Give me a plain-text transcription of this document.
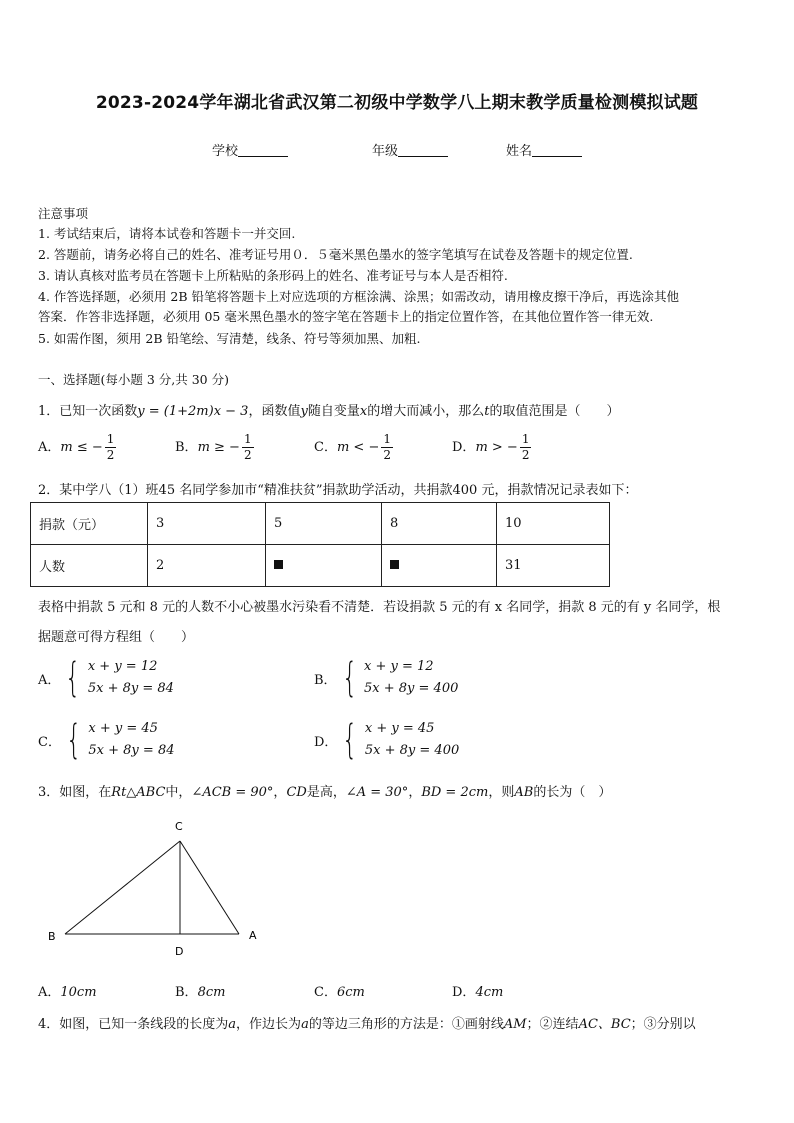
2023-2024学年湖北省武汉第二初级中学数学八上期末教学质量检测模拟试题
学校	年级	姓名
注意事项
1. 考试结束后，请将本试卷和答题卡一并交回.
2. 答题前，请务必将自己的姓名、准考证号用０．５毫米黑色墨水的签字笔填写在试卷及答题卡的规定位置.
3. 请认真核对监考员在答题卡上所粘贴的条形码上的姓名、准考证号与本人是否相符.
4. 作答选择题，必须用 2B 铅笔将答题卡上对应选项的方框涂满、涂黑；如需改动，请用橡皮擦干净后，再选涂其他
答案．作答非选择题，必须用 05 毫米黑色墨水的签字笔在答题卡上的指定位置作答，在其他位置作答一律无效.
5. 如需作图，须用 2B 铅笔绘、写清楚，线条、符号等须加黑、加粗.
一、选择题(每小题 3 分,共 30 分)
1．已知一次函数y = (1+2m)x − 3，函数值y随自变量x的增大而减小，那么t的取值范围是（　　）
A．m ≤ − $\frac{1}{2}$	B．m ≥ − $\frac{1}{2}$	C．m < − $\frac{1}{2}$	D．m > − $\frac{1}{2}$
2．某中学八（1）班45 名同学参加市“精准扶贫”捐款助学活动，共捐款400 元，捐款情况记录表如下：
捐款（元）	3	5	8	10
人数	2			31
表格中捐款 5 元和 8 元的人数不小心被墨水污染看不清楚．若设捐款 5 元的有 x 名同学，捐款 8 元的有 y 名同学，根
据题意可得方程组（　　）
A． { x + y = 12
5x + 8y = 84
B． { x + y = 12
5x + 8y = 400
C． { x + y = 45
5x + 8y = 84
D． { x + y = 45
5x + 8y = 400
3．如图，在Rt△ABC中，∠ACB = 90°，CD是高，∠A = 30°，BD = 2cm，则AB的长为（　）
C
B
D
A
A．10cm	B．8cm	C．6cm	D．4cm
4．如图，已知一条线段的长度为a，作边长为a的等边三角形的方法是：①画射线AM；②连结AC、BC；③分别以
